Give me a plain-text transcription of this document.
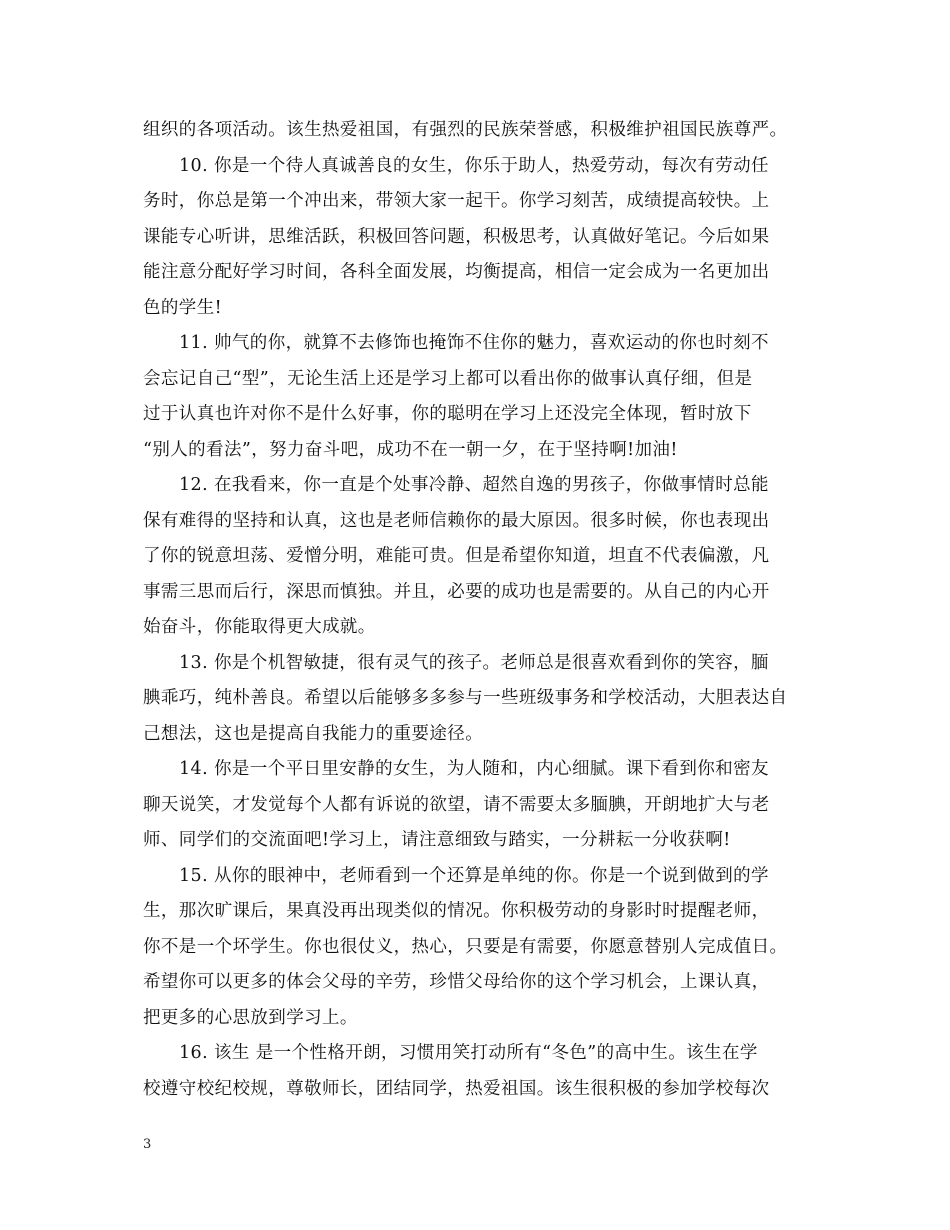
组织的各项活动。该生热爱祖国，有强烈的民族荣誉感，积极维护祖国民族尊严。
10. 你是一个待人真诚善良的女生，你乐于助人，热爱劳动，每次有劳动任
务时，你总是第一个冲出来，带领大家一起干。你学习刻苦，成绩提高较快。上
课能专心听讲，思维活跃，积极回答问题，积极思考，认真做好笔记。今后如果
能注意分配好学习时间，各科全面发展，均衡提高，相信一定会成为一名更加出
色的学生!
11. 帅气的你，就算不去修饰也掩饰不住你的魅力，喜欢运动的你也时刻不
会忘记自己“型”，无论生活上还是学习上都可以看出你的做事认真仔细，但是
过于认真也许对你不是什么好事，你的聪明在学习上还没完全体现，暂时放下
“别人的看法”，努力奋斗吧，成功不在一朝一夕，在于坚持啊!加油!
12. 在我看来，你一直是个处事冷静、超然自逸的男孩子，你做事情时总能
保有难得的坚持和认真，这也是老师信赖你的最大原因。很多时候，你也表现出
了你的锐意坦荡、爱憎分明，难能可贵。但是希望你知道，坦直不代表偏激，凡
事需三思而后行，深思而慎独。并且，必要的成功也是需要的。从自己的内心开
始奋斗，你能取得更大成就。
13. 你是个机智敏捷，很有灵气的孩子。老师总是很喜欢看到你的笑容，腼
腆乖巧，纯朴善良。希望以后能够多多参与一些班级事务和学校活动，大胆表达自
己想法，这也是提高自我能力的重要途径。
14. 你是一个平日里安静的女生，为人随和，内心细腻。课下看到你和密友
聊天说笑，才发觉每个人都有诉说的欲望，请不需要太多腼腆，开朗地扩大与老
师、同学们的交流面吧!学习上，请注意细致与踏实，一分耕耘一分收获啊!
15. 从你的眼神中，老师看到一个还算是单纯的你。你是一个说到做到的学
生，那次旷课后，果真没再出现类似的情况。你积极劳动的身影时时提醒老师，
你不是一个坏学生。你也很仗义，热心，只要是有需要，你愿意替别人完成值日。
希望你可以更多的体会父母的辛劳，珍惜父母给你的这个学习机会，上课认真，
把更多的心思放到学习上。
16. 该生 是一个性格开朗，习惯用笑打动所有“冬色”的高中生。该生在学
校遵守校纪校规，尊敬师长，团结同学，热爱祖国。该生很积极的参加学校每次
3
